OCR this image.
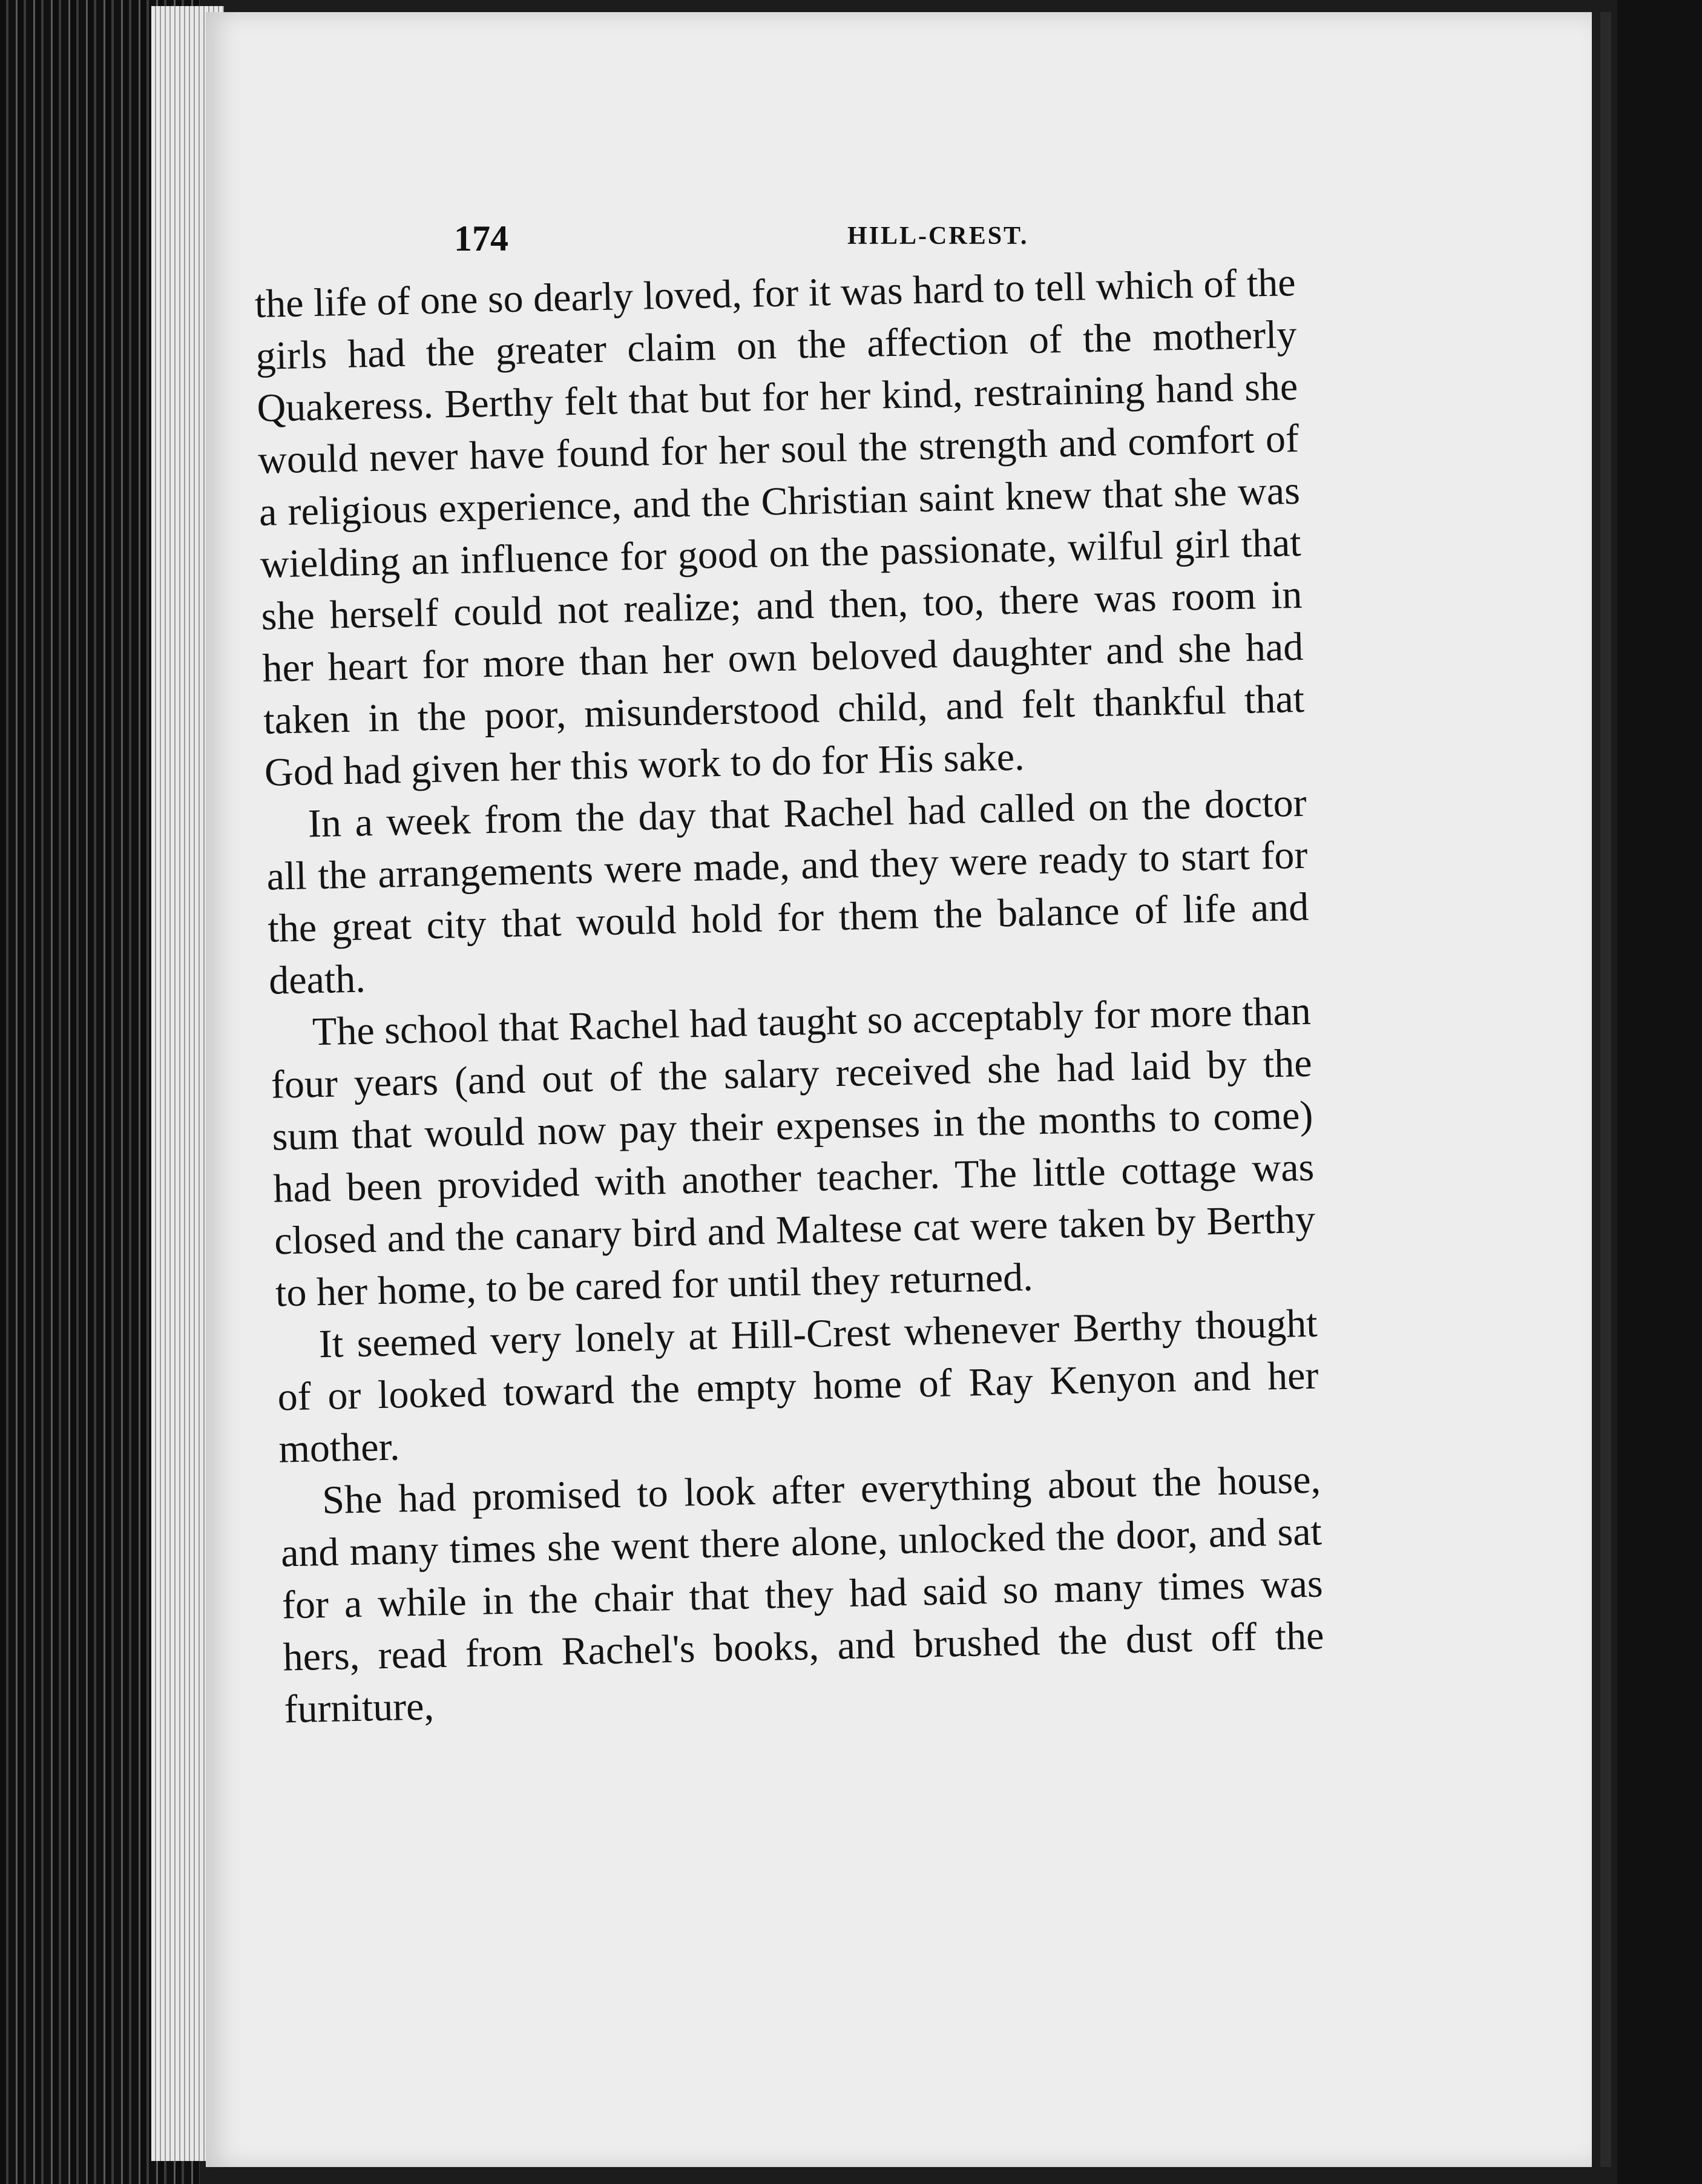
174	HILL-CREST.

the life of one so dearly loved, for it was hard to tell which of the girls had the greater claim on the affection of the motherly Quakeress. Berthy felt that but for her kind, restraining hand she would never have found for her soul the strength and comfort of a religious experience, and the Christian saint knew that she was wielding an influence for good on the passionate, wilful girl that she herself could not realize; and then, too, there was room in her heart for more than her own beloved daughter and she had taken in the poor, misunderstood child, and felt thankful that God had given her this work to do for His sake.

In a week from the day that Rachel had called on the doctor all the arrangements were made, and they were ready to start for the great city that would hold for them the balance of life and death.

The school that Rachel had taught so acceptably for more than four years (and out of the salary received she had laid by the sum that would now pay their expenses in the months to come) had been provided with another teacher. The little cottage was closed and the canary bird and Maltese cat were taken by Berthy to her home, to be cared for until they returned.

It seemed very lonely at Hill-Crest whenever Berthy thought of or looked toward the empty home of Ray Kenyon and her mother.

She had promised to look after everything about the house, and many times she went there alone, unlocked the door, and sat for a while in the chair that they had said so many times was hers, read from Rachel's books, and brushed the dust off the furniture,
